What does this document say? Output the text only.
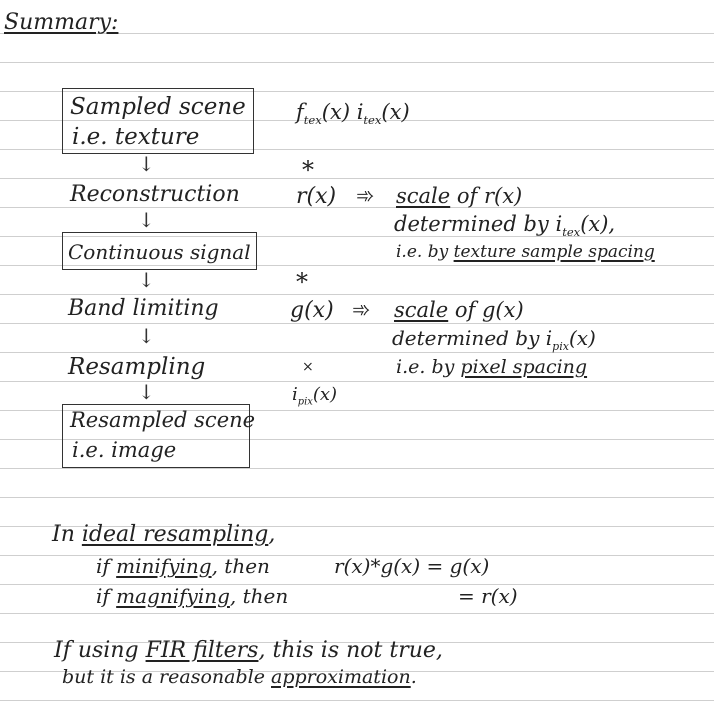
Summary:
Sampled scene
i.e. texture
↓
Reconstruction
↓
Continuous signal
↓
Band limiting
↓
Resampling
↓
Resampled scene
i.e. image
$f_{tex}(x)$ $i_{tex}(x)$
*
r(x) ➾
*
g(x) ➾
×
$i_{pix}(x)$
scale of r(x)
determined by $i_{tex}(x)$,
i.e. by texture sample spacing
scale of g(x)
determined by $i_{pix}(x)$
i.e. by pixel spacing
In ideal resampling,
if minifying, then	r(x)*g(x) = g(x)
if magnifying, then	= r(x)
If using FIR filters, this is not true,
but it is a reasonable approximation.
